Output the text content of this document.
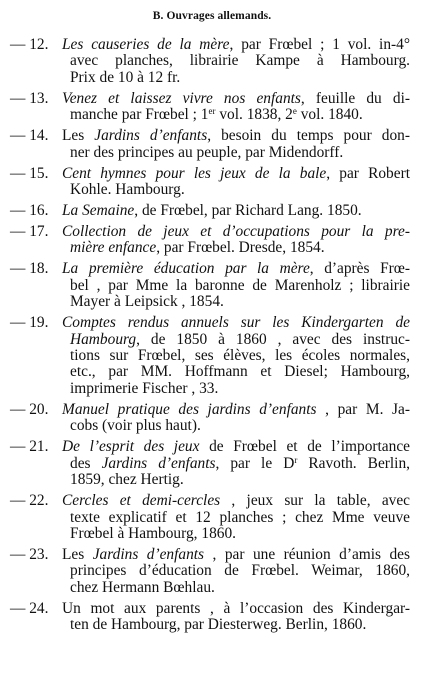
B. Ouvrages allemands.
— 12. Les causeries de la mère, par Frœbel ; 1 vol. in-4°
avec planches, librairie Kampe à Hambourg.
Prix de 10 à 12 fr.
— 13. Venez et laissez vivre nos enfants, feuille du di-
manche par Frœbel ; 1er vol. 1838, 2e vol. 1840.
— 14. Les Jardins d’enfants, besoin du temps pour don-
ner des principes au peuple, par Midendorff.
— 15. Cent hymnes pour les jeux de la bale, par Robert
Kohle. Hambourg.
— 16. La Semaine, de Frœbel, par Richard Lang. 1850.
— 17. Collection de jeux et d’occupations pour la pre-
mière enfance, par Frœbel. Dresde, 1854.
— 18. La première éducation par la mère, d’après Frœ-
bel , par Mme la baronne de Marenholz ; librairie
Mayer à Leipsick , 1854.
— 19. Comptes rendus annuels sur les Kindergarten de
Hambourg, de 1850 à 1860 , avec des instruc-
tions sur Frœbel, ses élèves, les écoles normales,
etc., par MM. Hoffmann et Diesel; Hambourg,
imprimerie Fischer , 33.
— 20. Manuel pratique des jardins d’enfants , par M. Ja-
cobs (voir plus haut).
— 21. De l’esprit des jeux de Frœbel et de l’importance
des Jardins d’enfants, par le $D^r$ Ravoth. Berlin,
1859, chez Hertig.
— 22. Cercles et demi-cercles , jeux sur la table, avec
texte explicatif et 12 planches ; chez Mme veuve
Frœbel à Hambourg, 1860.
— 23. Les Jardins d’enfants , par une réunion d’amis des
principes d’éducation de Frœbel. Weimar, 1860,
chez Hermann Bœhlau.
— 24. Un mot aux parents , à l’occasion des Kindergar-
ten de Hambourg, par Diesterweg. Berlin, 1860.
